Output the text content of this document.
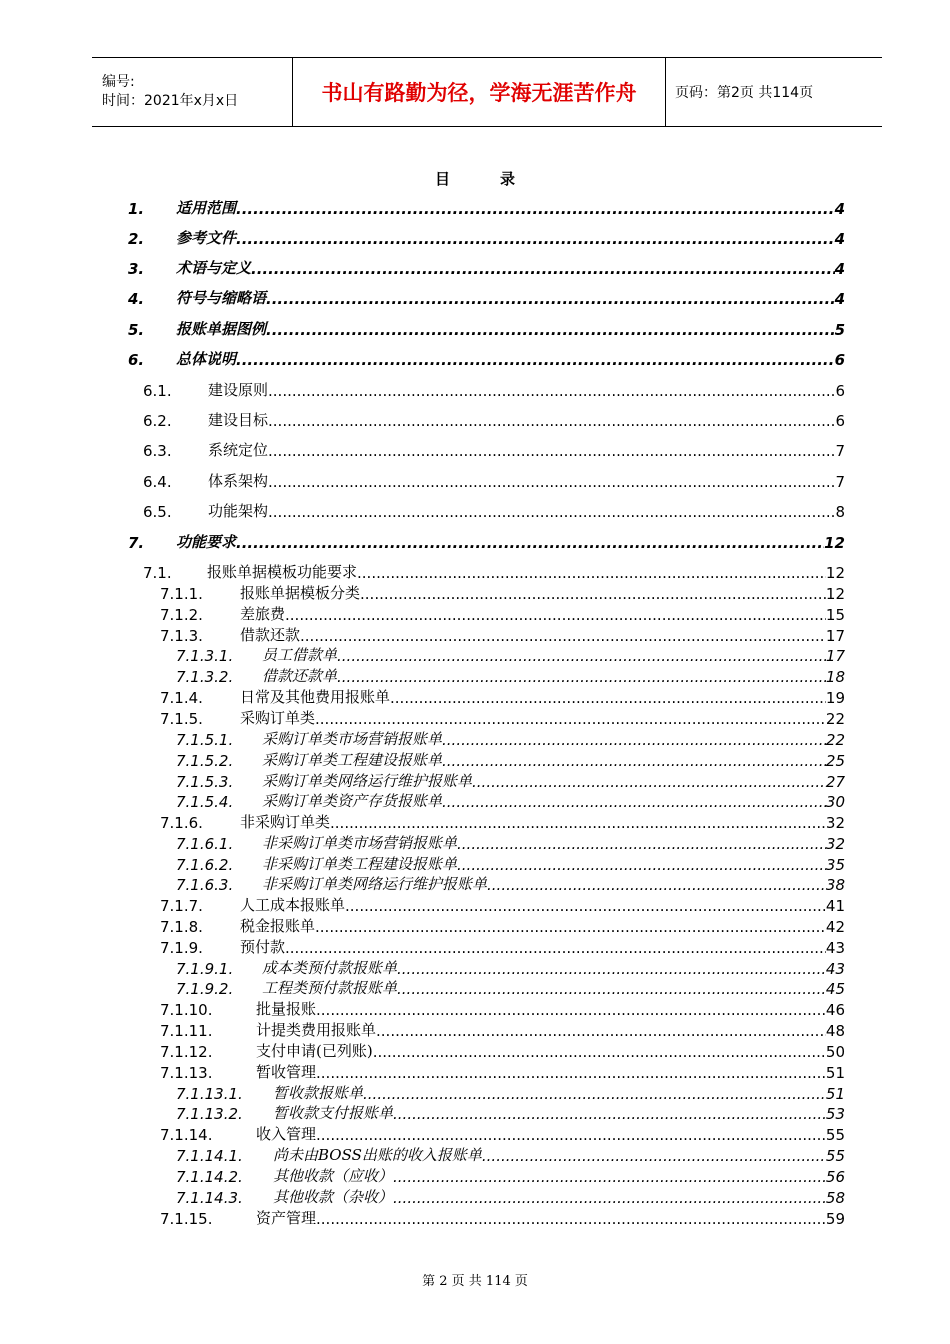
编号:
时间：2021年x月x日	书山有路勤为径，学海无涯苦作舟	页码：第2页 共114页
目	录
1.	适用范围 .....	4
2.	参考文件 .....	4
3.	术语与定义 .....	4
4.	符号与缩略语 .....	4
5.	报账单据图例 .....	5
6.	总体说明 .....	6
6.1.	建设原则 .....	6
6.2.	建设目标 .....	6
6.3.	系统定位 .....	7
6.4.	体系架构 .....	7
6.5.	功能架构 .....	8
7.	功能要求 .....	12
7.1.	报账单据模板功能要求 .....	12
7.1.1.	报账单据模板分类 .....	12
7.1.2.	差旅费 .....	15
7.1.3.	借款还款 .....	17
7.1.3.1.	员工借款单 .....	17
7.1.3.2.	借款还款单 .....	18
7.1.4.	日常及其他费用报账单 .....	19
7.1.5.	采购订单类 .....	22
7.1.5.1.	采购订单类市场营销报账单 .....	22
7.1.5.2.	采购订单类工程建设报账单 .....	25
7.1.5.3.	采购订单类网络运行维护报账单 .....	27
7.1.5.4.	采购订单类资产存货报账单 .....	30
7.1.6.	非采购订单类 .....	32
7.1.6.1.	非采购订单类市场营销报账单 .....	32
7.1.6.2.	非采购订单类工程建设报账单 .....	35
7.1.6.3.	非采购订单类网络运行维护报账单 .....	38
7.1.7.	人工成本报账单 .....	41
7.1.8.	税金报账单 .....	42
7.1.9.	预付款 .....	43
7.1.9.1.	成本类预付款报账单 .....	43
7.1.9.2.	工程类预付款报账单 .....	45
7.1.10.	批量报账 .....	46
7.1.11.	计提类费用报账单 .....	48
7.1.12.	支付申请(已列账) .....	50
7.1.13.	暂收管理 .....	51
7.1.13.1.	暂收款报账单 .....	51
7.1.13.2.	暂收款支付报账单 .....	53
7.1.14.	收入管理 .....	55
7.1.14.1.	尚未由BOSS出账的收入报账单 .....	55
7.1.14.2.	其他收款（应收） .....	56
7.1.14.3.	其他收款（杂收） .....	58
7.1.15.	资产管理 .....	59
第 2 页 共 114 页
